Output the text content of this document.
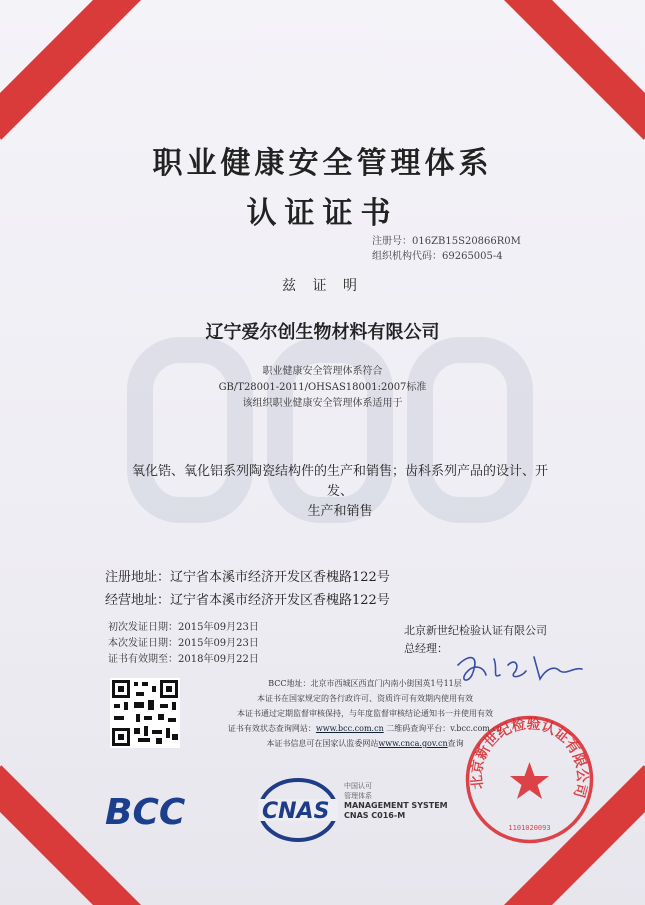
职业健康安全管理体系
认证证书
注册号：016ZB15S20866R0M
组织机构代码：69265005-4
兹 证 明
辽宁爱尔创生物材料有限公司
职业健康安全管理体系符合
GB/T28001-2011/OHSAS18001:2007标准
该组织职业健康安全管理体系适用于
氧化锆、氧化铝系列陶瓷结构件的生产和销售；齿科系列产品的设计、开
发、
生产和销售
注册地址：辽宁省本溪市经济开发区香槐路122号
经营地址：辽宁省本溪市经济开发区香槐路122号
初次发证日期：2015年09月23日
本次发证日期：2015年09月23日
证书有效期至：2018年09月22日
北京新世纪检验认证有限公司
总经理：
BCC地址：北京市西城区西直门内南小街国英1号11层
本证书在国家规定的各行政许可、资质许可有效期内使用有效
本证书通过定期监督审核保持，与年度监督审核结论通知书一并使用有效
证书有效状态查询网站：www.bcc.com.cn 二维码查询平台：v.bcc.com.cn
本证书信息可在国家认监委网站www.cnca.gov.cn查询
BCC	CNAS
中国认可
管理体系
MANAGEMENT SYSTEM
CNAS C016-M
北京新世纪检验认证有限公司
1101020093
